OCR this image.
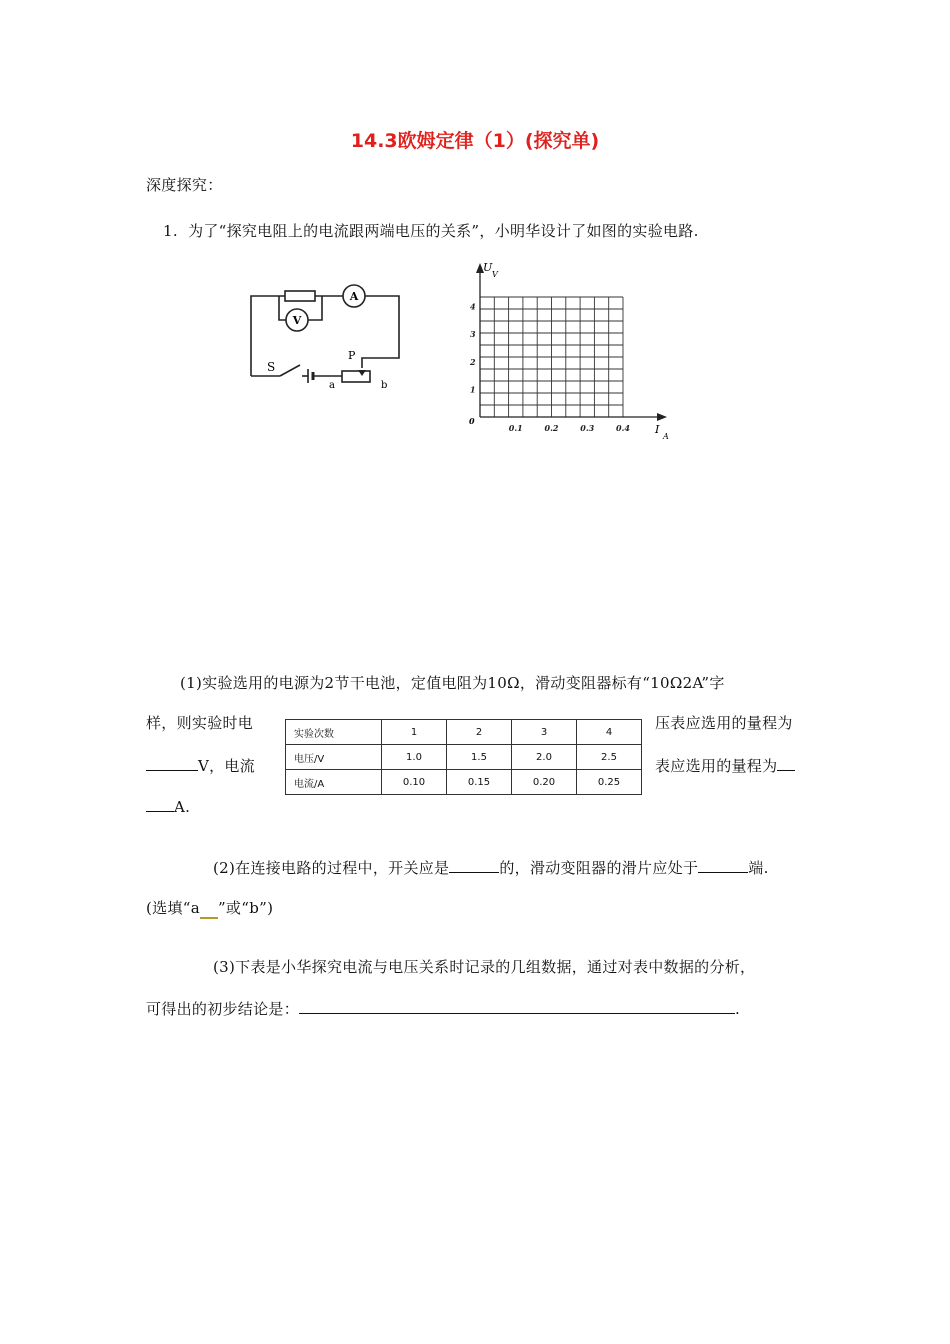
14.3欧姆定律（1）(探究单)
深度探究：
1. 为了“探究电阻上的电流跟两端电压的关系”，小明华设计了如图的实验电路.
A
V
S
P
a	b
0.1	0.2	0.3	0.4
1
2
3
4
U
V
I
A
0
(1)实验选用的电源为2节干电池，定值电阻为10Ω，滑动变阻器标有“10Ω2A”字
样，则实验时电	压表应选用的量程为
V，电流	表应选用的量程为
A.
实验次数	1	2	3	4
电压/V	1.0	1.5	2.0	2.5
电流/A	0.10	0.15	0.20	0.25
(2)在连接电路的过程中，开关应是	的，滑动变阻器的滑片应处于	端.
(选填“a ”或“b”)
(3)下表是小华探究电流与电压关系时记录的几组数据，通过对表中数据的分析，
可得出的初步结论是：	.
